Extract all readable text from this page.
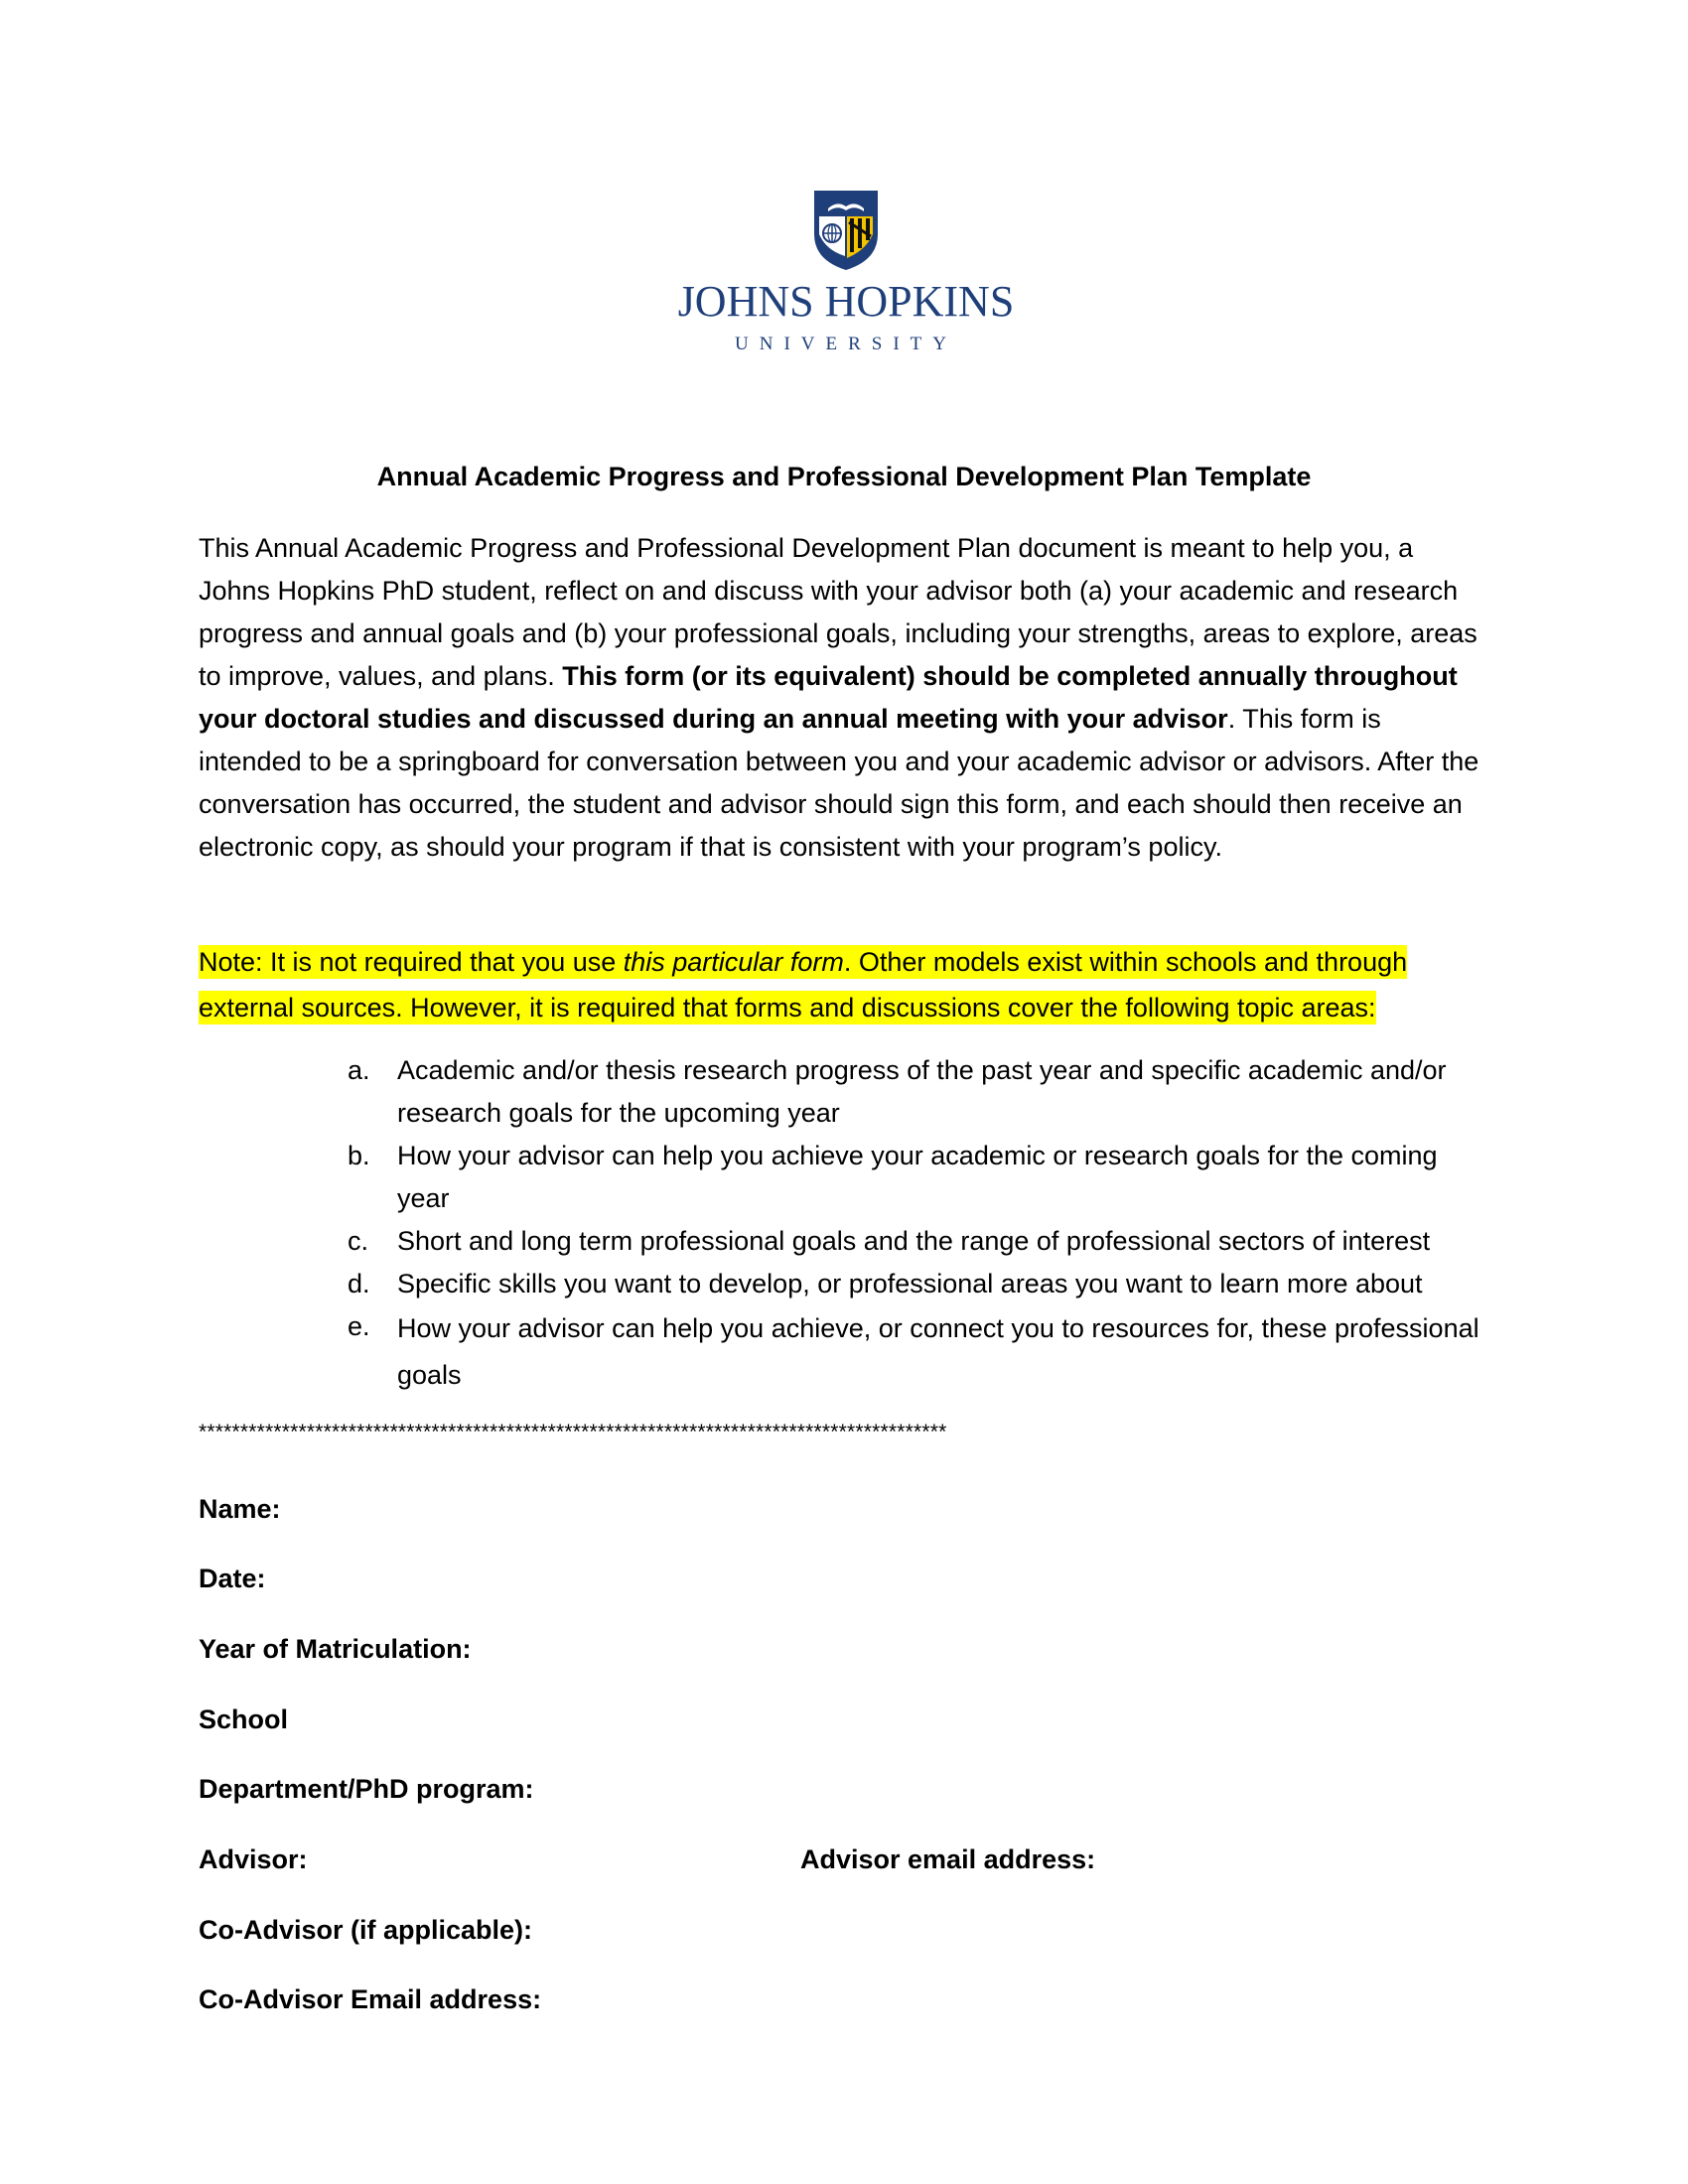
JOHNS HOPKINS
UNIVERSITY
Annual Academic Progress and Professional Development Plan Template
This Annual Academic Progress and Professional Development Plan document is meant to help you, a Johns Hopkins PhD student, reflect on and discuss with your advisor both (a) your academic and research progress and annual goals and (b) your professional goals, including your strengths, areas to explore, areas to improve, values, and plans. This form (or its equivalent) should be completed annually throughout your doctoral studies and discussed during an annual meeting with your advisor. This form is intended to be a springboard for conversation between you and your academic advisor or advisors. After the conversation has occurred, the student and advisor should sign this form, and each should then receive an electronic copy, as should your program if that is consistent with your program’s policy.
Note: It is not required that you use this particular form. Other models exist within schools and through external sources. However, it is required that forms and discussions cover the following topic areas:
a. Academic and/or thesis research progress of the past year and specific academic and/or research goals for the upcoming year
b. How your advisor can help you achieve your academic or research goals for the coming year
c. Short and long term professional goals and the range of professional sectors of interest
d. Specific skills you want to develop, or professional areas you want to learn more about
e. How your advisor can help you achieve, or connect you to resources for, these professional goals
******************************************************************************************
Name:
Date:
Year of Matriculation:
School
Department/PhD program:
Advisor:	Advisor email address:
Co-Advisor (if applicable):
Co-Advisor Email address:
